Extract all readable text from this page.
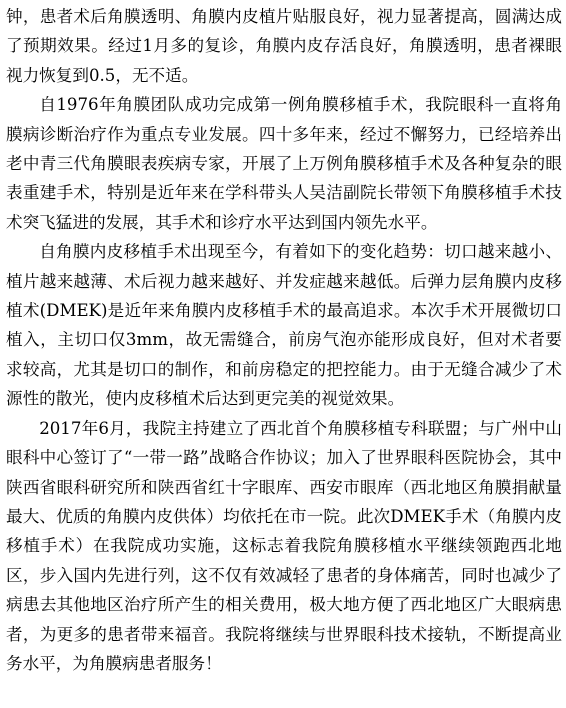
钟，患者术后角膜透明、角膜内皮植片贴服良好，视力显著提高，圆满达成了预期效果。经过1月多的复诊，角膜内皮存活良好，角膜透明，患者裸眼视力恢复到0.5，无不适。

自1976年角膜团队成功完成第一例角膜移植手术，我院眼科一直将角膜病诊断治疗作为重点专业发展。四十多年来，经过不懈努力，已经培养出老中青三代角膜眼表疾病专家，开展了上万例角膜移植手术及各种复杂的眼表重建手术，特别是近年来在学科带头人吴洁副院长带领下角膜移植手术技术突飞猛进的发展，其手术和诊疗水平达到国内领先水平。

自角膜内皮移植手术出现至今，有着如下的变化趋势：切口越来越小、植片越来越薄、术后视力越来越好、并发症越来越低。后弹力层角膜内皮移植术(DMEK)是近年来角膜内皮移植手术的最高追求。本次手术开展微切口植入，主切口仅3mm，故无需缝合，前房气泡亦能形成良好，但对术者要求较高，尤其是切口的制作，和前房稳定的把控能力。由于无缝合减少了术源性的散光，使内皮移植术后达到更完美的视觉效果。

2017年6月，我院主持建立了西北首个角膜移植专科联盟；与广州中山眼科中心签订了“一带一路”战略合作协议；加入了世界眼科医院协会，其中陕西省眼科研究所和陕西省红十字眼库、西安市眼库（西北地区角膜捐献量最大、优质的角膜内皮供体）均依托在市一院。此次DMEK手术（角膜内皮移植手术）在我院成功实施，这标志着我院角膜移植水平继续领跑西北地区，步入国内先进行列，这不仅有效减轻了患者的身体痛苦，同时也减少了病患去其他地区治疗所产生的相关费用，极大地方便了西北地区广大眼病患者，为更多的患者带来福音。我院将继续与世界眼科技术接轨，不断提高业务水平，为角膜病患者服务！
